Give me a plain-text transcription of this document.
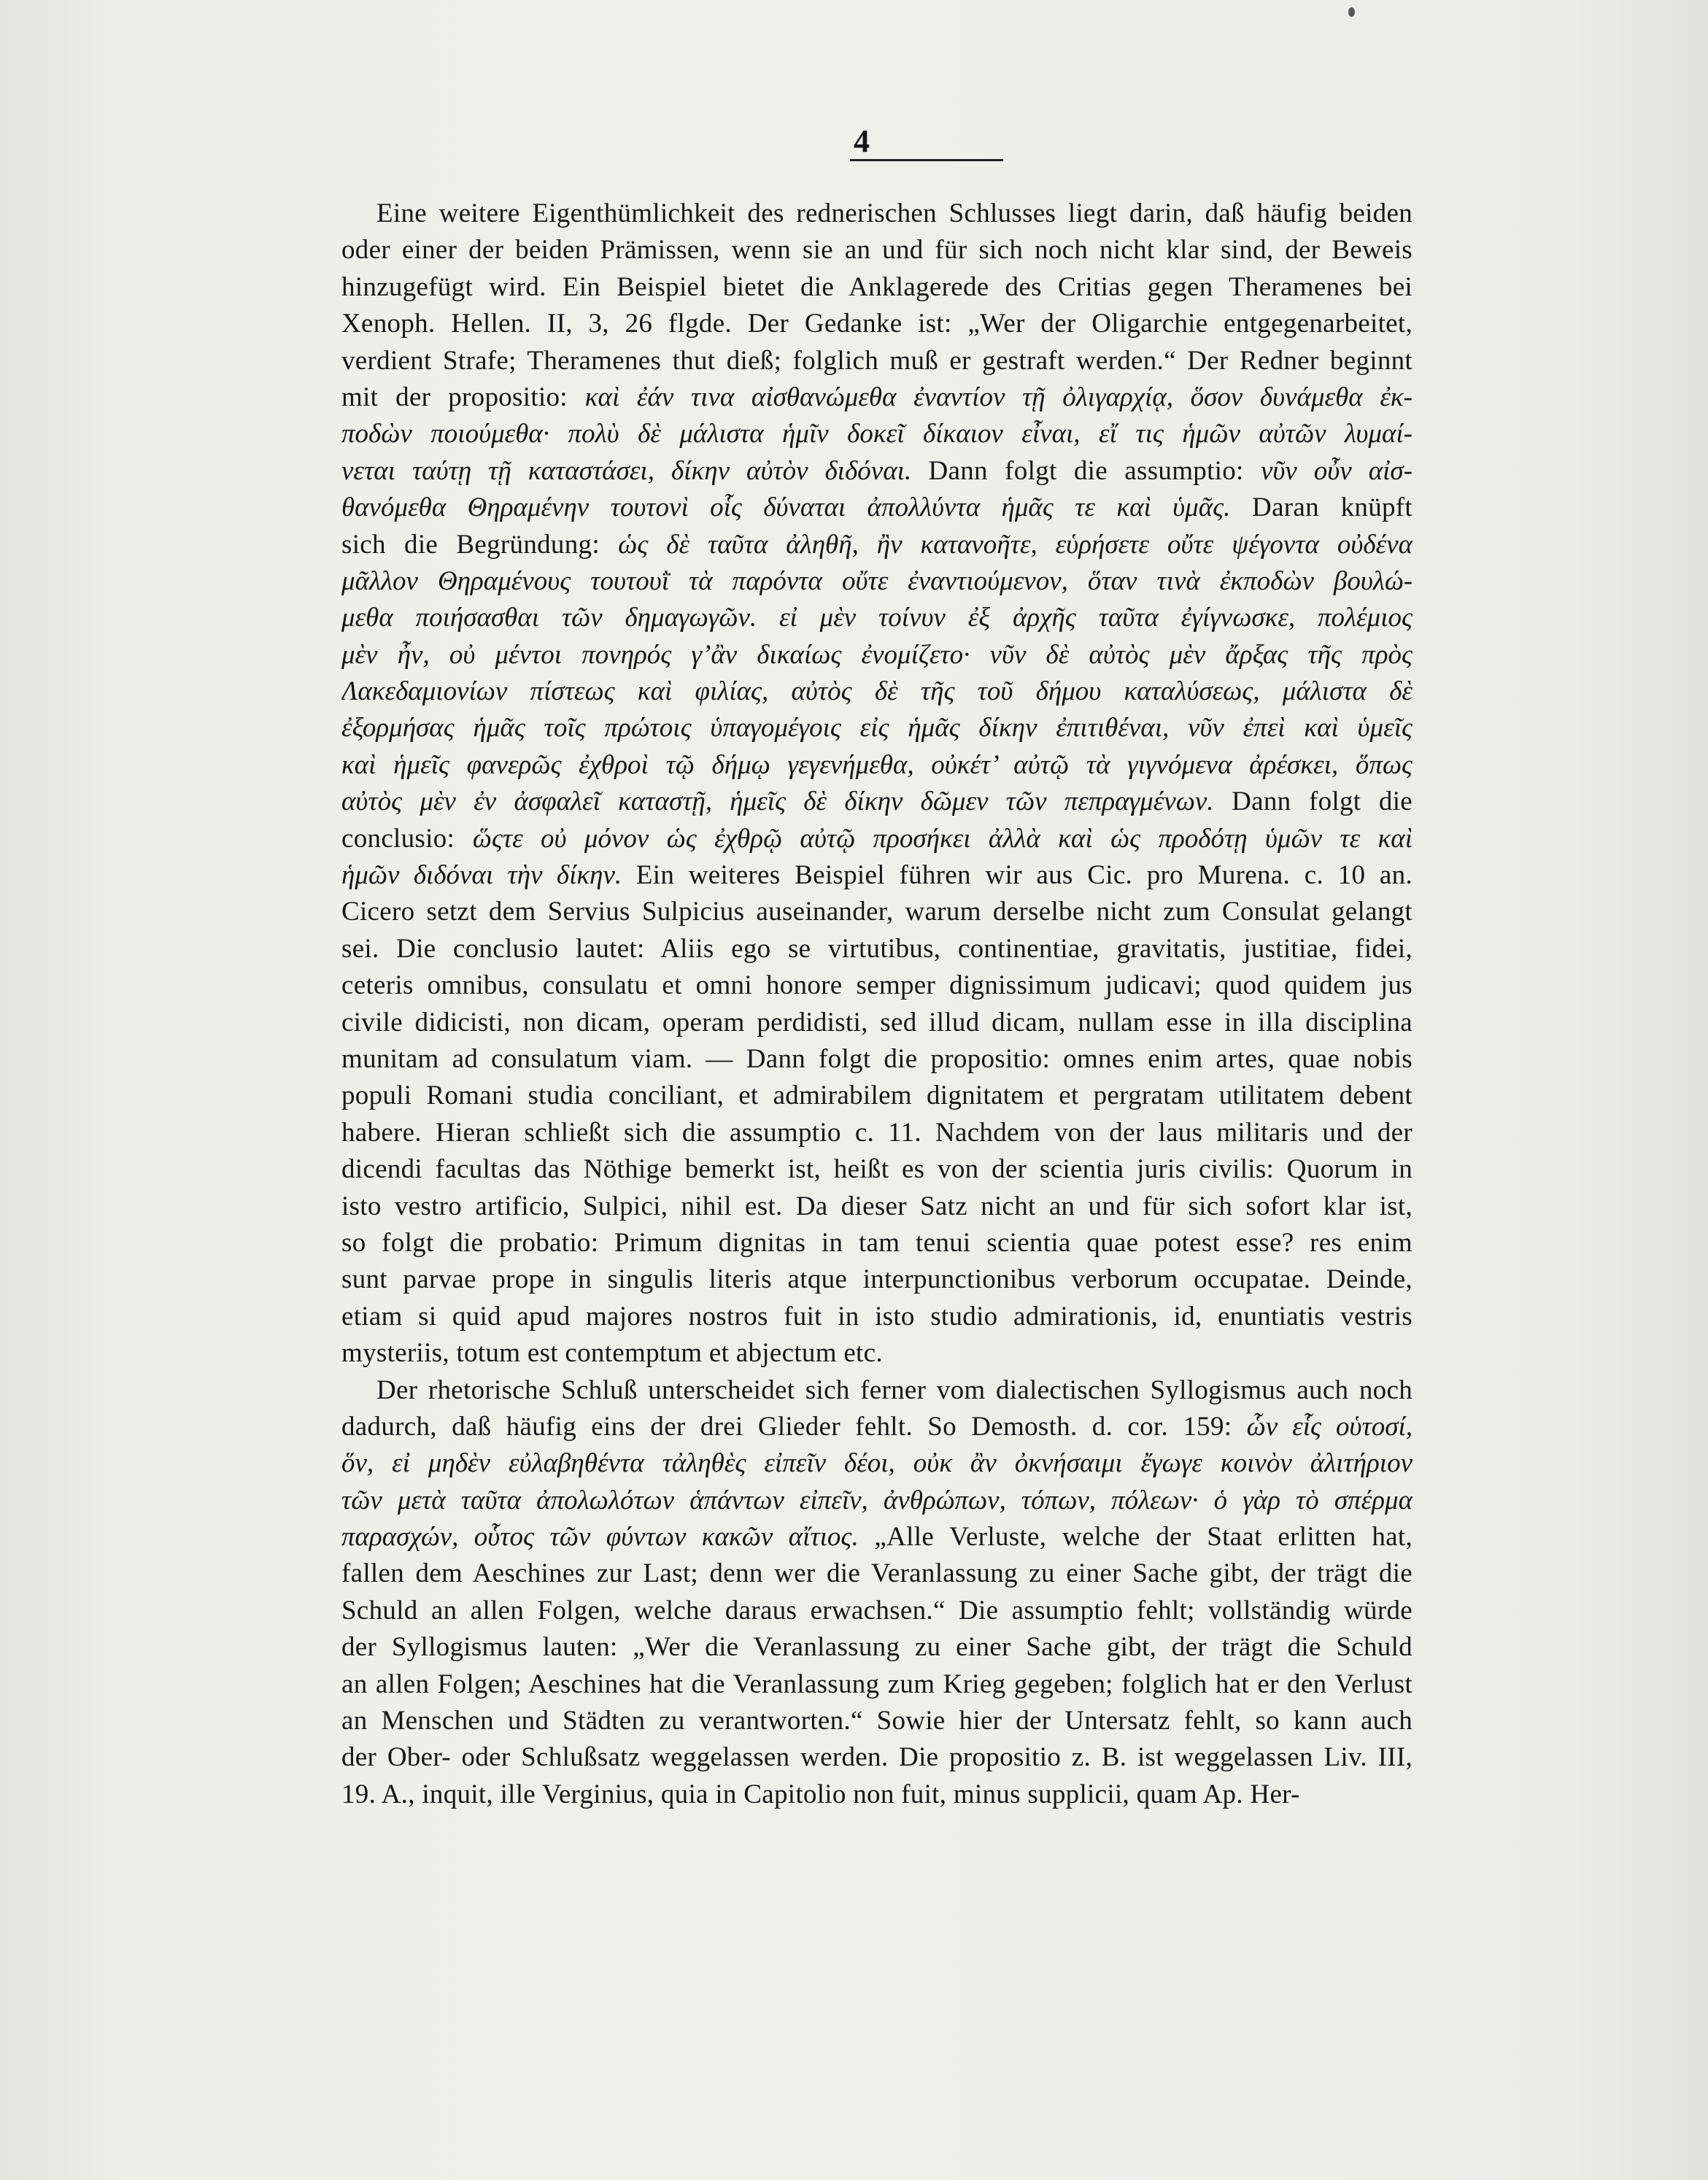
4
Eine weitere Eigenthümlichkeit des rednerischen Schlusses liegt darin, daß häufig beiden
oder einer der beiden Prämissen, wenn sie an und für sich noch nicht klar sind, der Beweis
hinzugefügt wird. Ein Beispiel bietet die Anklagerede des Critias gegen Theramenes bei
Xenoph. Hellen. II, 3, 26 flgde. Der Gedanke ist: „Wer der Oligarchie entgegenarbeitet,
verdient Strafe; Theramenes thut dieß; folglich muß er gestraft werden.“ Der Redner beginnt
mit der propositio: καὶ ἐάν τινα αἰσθανώμεθα ἐναντίον τῇ ὀλιγαρχίᾳ, ὅσον δυνάμεθα ἐκ-
ποδὼν ποιούμεθα· πολὺ δὲ μάλιστα ἡμῖν δοκεῖ δίκαιον εἶναι, εἴ τις ἡμῶν αὐτῶν λυμαί-
νεται ταύτῃ τῇ καταστάσει, δίκην αὐτὸν διδόναι. Dann folgt die assumptio: νῦν οὖν αἰσ-
θανόμεθα Θηραμένην τουτονὶ οἷς δύναται ἀπολλύντα ἡμᾶς τε καὶ ὑμᾶς. Daran knüpft
sich die Begründung: ὡς δὲ ταῦτα ἀληθῆ, ἢν κατανοῆτε, εὑρήσετε οὔτε ψέγοντα οὐδένα
μᾶλλον Θηραμένους τουτουῒ τὰ παρόντα οὔτε ἐναντιούμενον, ὅταν τινὰ ἐκποδὼν βουλώ-
μεθα ποιήσασθαι τῶν δημαγωγῶν. εἰ μὲν τοίνυν ἐξ ἀρχῆς ταῦτα ἐγίγνωσκε, πολέμιος
μὲν ἦν, οὐ μέντοι πονηρός γ’ἂν δικαίως ἐνομίζετο· νῦν δὲ αὐτὸς μὲν ἄρξας τῆς πρὸς
Λακεδαμιονίων πίστεως καὶ φιλίας, αὐτὸς δὲ τῆς τοῦ δήμου καταλύσεως, μάλιστα δὲ
ἐξορμήσας ἡμᾶς τοῖς πρώτοις ὑπαγομέγοις εἰς ἡμᾶς δίκην ἐπιτιθέναι, νῦν ἐπεὶ καὶ ὑμεῖς
καὶ ἡμεῖς φανερῶς ἐχθροὶ τῷ δήμῳ γεγενήμεθα, οὐκέτ’ αὐτῷ τὰ γιγνόμενα ἀρέσκει, ὅπως
αὐτὸς μὲν ἐν ἀσφαλεῖ καταστῇ, ἡμεῖς δὲ δίκην δῶμεν τῶν πεπραγμένων. Dann folgt die
conclusio: ὥςτε οὐ μόνον ὡς ἐχθρῷ αὐτῷ προσήκει ἀλλὰ καὶ ὡς προδότῃ ὑμῶν τε καὶ
ἡμῶν διδόναι τὴν δίκην. Ein weiteres Beispiel führen wir aus Cic. pro Murena. c. 10 an.
Cicero setzt dem Servius Sulpicius auseinander, warum derselbe nicht zum Consulat gelangt
sei. Die conclusio lautet: Aliis ego se virtutibus, continentiae, gravitatis, justitiae, fidei,
ceteris omnibus, consulatu et omni honore semper dignissimum judicavi; quod quidem jus
civile didicisti, non dicam, operam perdidisti, sed illud dicam, nullam esse in illa disciplina
munitam ad consulatum viam. — Dann folgt die propositio: omnes enim artes, quae nobis
populi Romani studia conciliant, et admirabilem dignitatem et pergratam utilitatem debent
habere. Hieran schließt sich die assumptio c. 11. Nachdem von der laus militaris und der
dicendi facultas das Nöthige bemerkt ist, heißt es von der scientia juris civilis: Quorum in
isto vestro artificio, Sulpici, nihil est. Da dieser Satz nicht an und für sich sofort klar ist,
so folgt die probatio: Primum dignitas in tam tenui scientia quae potest esse? res enim
sunt parvae prope in singulis literis atque interpunctionibus verborum occupatae. Deinde,
etiam si quid apud majores nostros fuit in isto studio admirationis, id, enuntiatis vestris
mysteriis, totum est contemptum et abjectum etc.
Der rhetorische Schluß unterscheidet sich ferner vom dialectischen Syllogismus auch noch
dadurch, daß häufig eins der drei Glieder fehlt. So Demosth. d. cor. 159: ὧν εἷς οὑτοσί,
ὅν, εἰ μηδὲν εὐλαβηθέντα τἀληθὲς εἰπεῖν δέοι, οὐκ ἂν ὀκνήσαιμι ἔγωγε κοινὸν ἀλιτήριον
τῶν μετὰ ταῦτα ἀπολωλότων ἁπάντων εἰπεῖν, ἀνθρώπων, τόπων, πόλεων· ὁ γὰρ τὸ σπέρμα
παρασχών, οὗτος τῶν φύντων κακῶν αἴτιος. „Alle Verluste, welche der Staat erlitten hat,
fallen dem Aeschines zur Last; denn wer die Veranlassung zu einer Sache gibt, der trägt die
Schuld an allen Folgen, welche daraus erwachsen.“ Die assumptio fehlt; vollständig würde
der Syllogismus lauten: „Wer die Veranlassung zu einer Sache gibt, der trägt die Schuld
an allen Folgen; Aeschines hat die Veranlassung zum Krieg gegeben; folglich hat er den Verlust
an Menschen und Städten zu verantworten.“ Sowie hier der Untersatz fehlt, so kann auch
der Ober- oder Schlußsatz weggelassen werden. Die propositio z. B. ist weggelassen Liv. III,
19. A., inquit, ille Verginius, quia in Capitolio non fuit, minus supplicii, quam Ap. Her-
